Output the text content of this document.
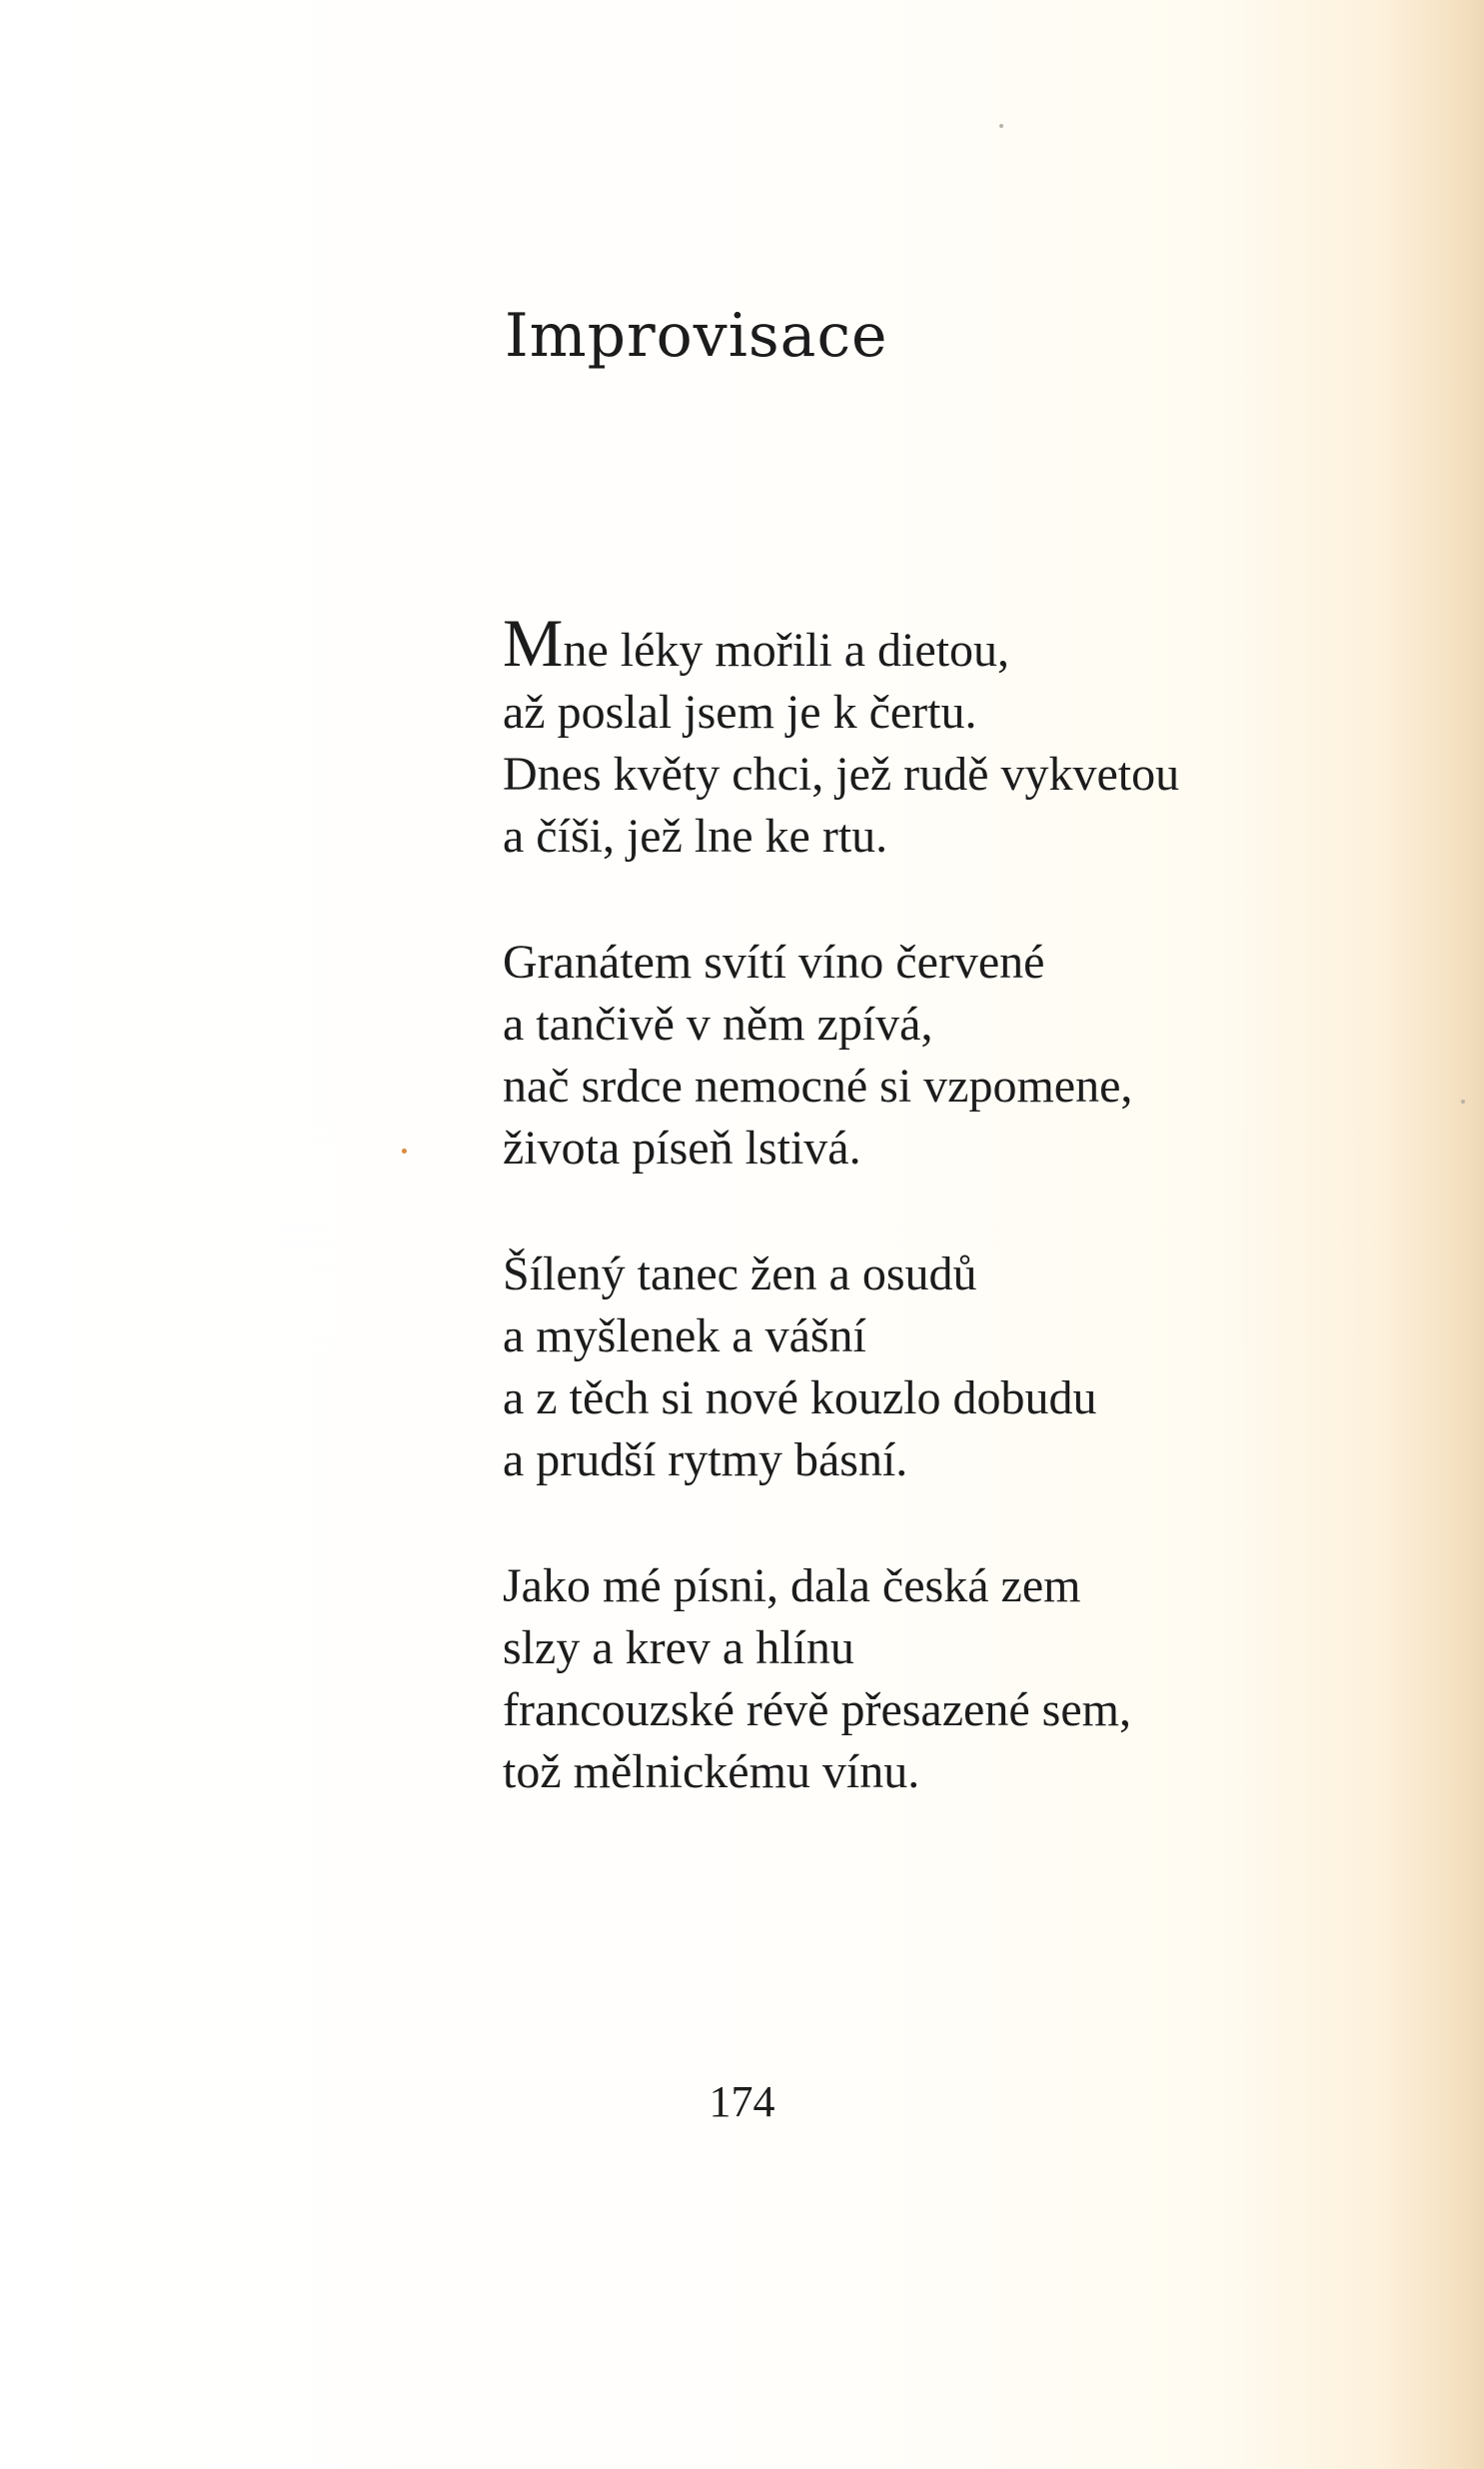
Improvisace
Mne léky mořili a dietou,
až poslal jsem je k čertu.
Dnes květy chci, jež rudě vykvetou
a číši, jež lne ke rtu.
Granátem svítí víno červené
a tančivě v něm zpívá,
nač srdce nemocné si vzpomene,
života píseň lstivá.
Šílený tanec žen a osudů
a myšlenek a vášní
a z těch si nové kouzlo dobudu
a prudší rytmy básní.
Jako mé písni, dala česká zem
slzy a krev a hlínu
francouzské révě přesazené sem,
tož mělnickému vínu.
174
